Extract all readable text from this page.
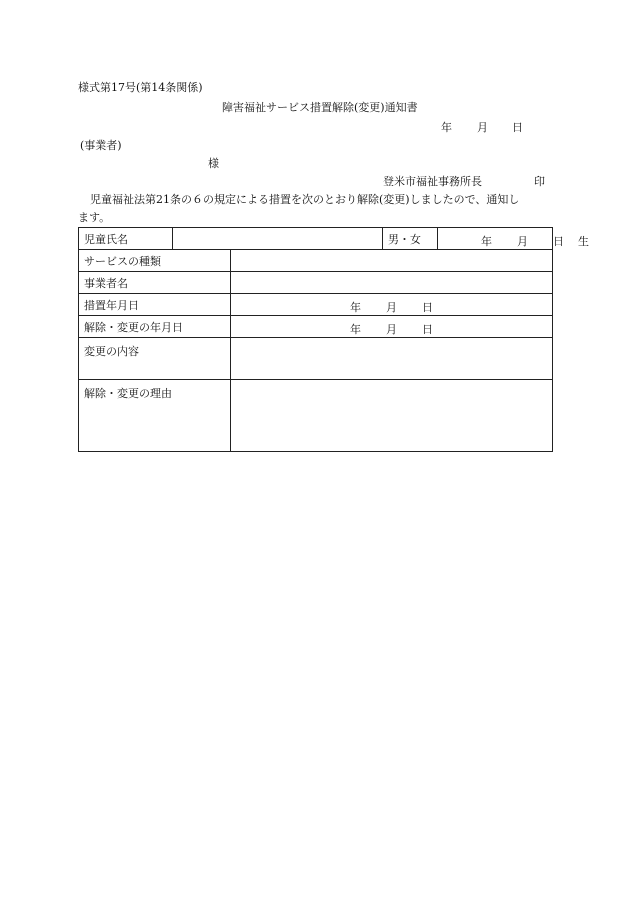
様式第17号(第14条関係)
障害福祉サービス措置解除(変更)通知書
年 月 日
(事業者)
様
登米市福祉事務所長	印
児童福祉法第21条の６の規定による措置を次のとおり解除(変更)しましたので、通知し
ます。
児童氏名			男・女	年 月 日 生

サービスの種類				
事業者名				
措置年月日		年 月 日		

解除・変更の年月日		年 月 日		

変更の内容				
解除・変更の理由				
